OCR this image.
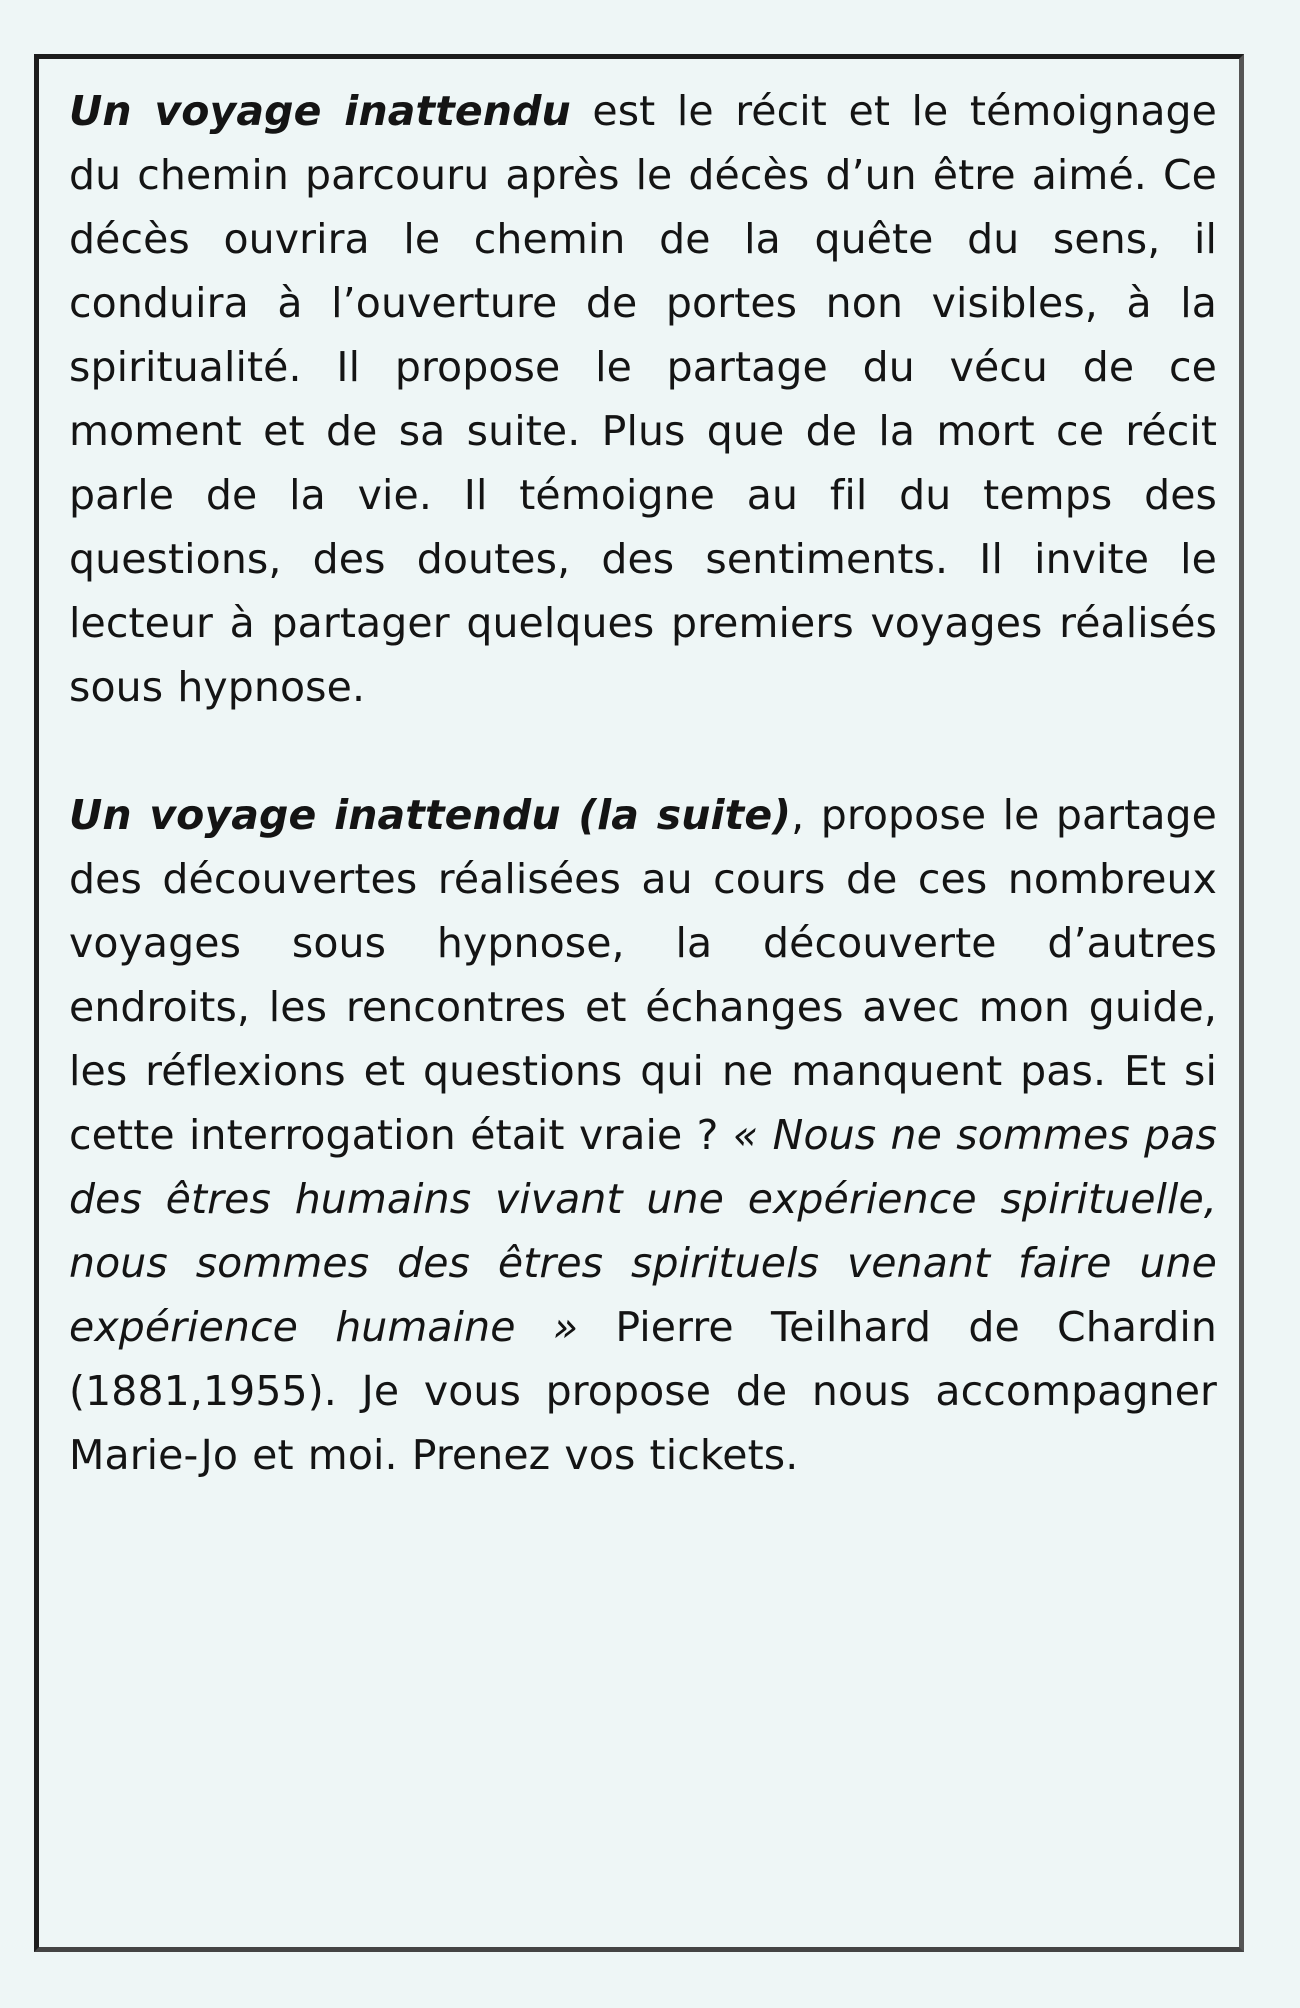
Un voyage inattendu est le récit et le témoignage du chemin parcouru après le décès d’un être aimé. Ce décès ouvrira le chemin de la quête du sens, il conduira à l’ouverture de portes non visibles, à la spiritualité. Il propose le partage du vécu de ce moment et de sa suite. Plus que de la mort ce récit parle de la vie. Il témoigne au fil du temps des questions, des doutes, des sentiments. Il invite le lecteur à partager quelques premiers voyages réalisés sous hypnose.

Un voyage inattendu (la suite), propose le partage des découvertes réalisées au cours de ces nombreux voyages sous hypnose, la découverte d’autres endroits, les rencontres et échanges avec mon guide, les réflexions et questions qui ne manquent pas. Et si cette interrogation était vraie ? « Nous ne sommes pas des êtres humains vivant une expérience spirituelle, nous sommes des êtres spirituels venant faire une expérience humaine » Pierre Teilhard de Chardin (1881,1955). Je vous propose de nous accompagner Marie-Jo et moi. Prenez vos tickets.
